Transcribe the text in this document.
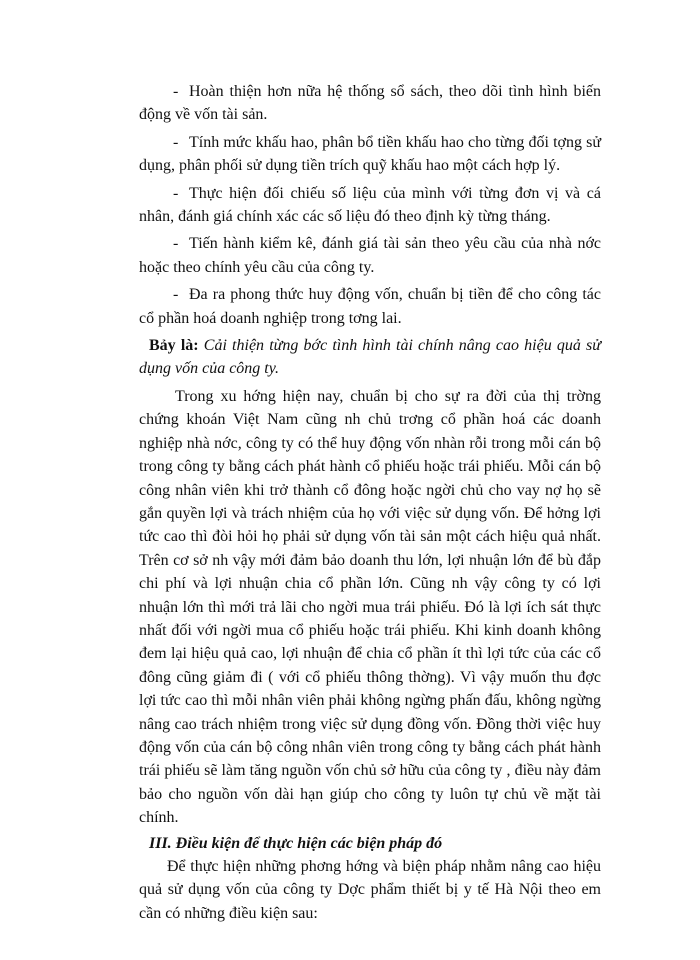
- Hoàn thiện hơn nữa hệ thống sổ sách, theo dõi tình hình biến động về vốn tài sản.

- Tính mức khấu hao, phân bổ tiền khấu hao cho từng đối tợng sử dụng, phân phối sử dụng tiền trích quỹ khấu hao một cách hợp lý.

- Thực hiện đối chiếu số liệu của mình với từng đơn vị và cá nhân, đánh giá chính xác các số liệu đó theo định kỳ từng tháng.

- Tiến hành kiểm kê, đánh giá tài sản theo yêu cầu của nhà nớc hoặc theo chính yêu cầu của công ty.

- Đa ra phong thức huy động vốn, chuẩn bị tiền để cho công tác cổ phần hoá doanh nghiệp trong tơng lai.

Bảy là: Cải thiện từng bớc tình hình tài chính nâng cao hiệu quả sử dụng vốn của công ty.

Trong xu hớng hiện nay, chuẩn bị cho sự ra đời của thị trờng chứng khoán Việt Nam cũng nh chủ trơng cổ phần hoá các doanh nghiệp nhà nớc, công ty có thể huy động vốn nhàn rỗi trong mỗi cán bộ trong công ty bằng cách phát hành cổ phiếu hoặc trái phiếu. Mỗi cán bộ công nhân viên khi trở thành cổ đông hoặc ngời chủ cho vay nợ họ sẽ gắn quyền lợi và trách nhiệm của họ với việc sử dụng vốn. Để hởng lợi tức cao thì đòi hỏi họ phải sử dụng vốn tài sản một cách hiệu quả nhất. Trên cơ sở nh vậy mới đảm bảo doanh thu lớn, lợi nhuận lớn để bù đắp chi phí và lợi nhuận chia cổ phần lớn. Cũng nh vậy công ty có lợi nhuận lớn thì mới trả lãi cho ngời mua trái phiếu. Đó là lợi ích sát thực nhất đối với ngời mua cổ phiếu hoặc trái phiếu. Khi kinh doanh không đem lại hiệu quả cao, lợi nhuận để chia cổ phần ít thì lợi tức của các cổ đông cũng giảm đi ( với cổ phiếu thông thờng). Vì vậy muốn thu đợc lợi tức cao thì mỗi nhân viên phải không ngừng phấn đấu, không ngừng nâng cao trách nhiệm trong việc sử dụng đồng vốn. Đồng thời việc huy động vốn của cán bộ công nhân viên trong công ty bằng cách phát hành trái phiếu sẽ làm tăng nguồn vốn chủ sở hữu của công ty , điều này đảm bảo cho nguồn vốn dài hạn giúp cho công ty luôn tự chủ về mặt tài chính.

III. Điều kiện để thực hiện các biện pháp đó

Để thực hiện những phơng hớng và biện pháp nhằm nâng cao hiệu quả sử dụng vốn của công ty Dợc phẩm thiết bị y tế Hà Nội theo em cần có những điều kiện sau:
